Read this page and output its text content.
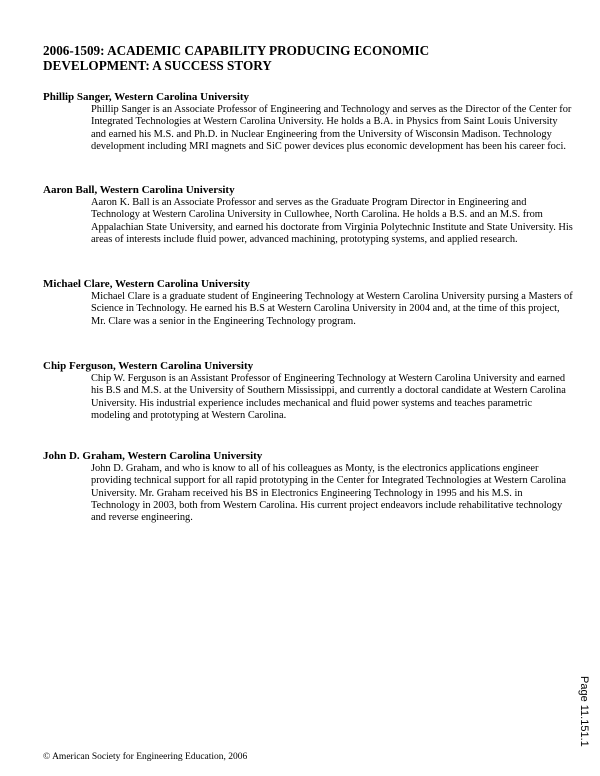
2006-1509: ACADEMIC CAPABILITY PRODUCING ECONOMIC
DEVELOPMENT: A SUCCESS STORY

Phillip Sanger, Western Carolina University

Phillip Sanger is an Associate Professor of Engineering and Technology and serves as the Director of the Center for Integrated Technologies at Western Carolina University. He holds a B.A. in Physics from Saint Louis University and earned his M.S. and Ph.D. in Nuclear Engineering from the University of Wisconsin Madison. Technology development including MRI magnets and SiC power devices plus economic development has been his career foci.

Aaron Ball, Western Carolina University

Aaron K. Ball is an Associate Professor and serves as the Graduate Program Director in Engineering and Technology at Western Carolina University in Cullowhee, North Carolina. He holds a B.S. and an M.S. from Appalachian State University, and earned his doctorate from Virginia Polytechnic Institute and State University. His areas of interests include fluid power, advanced machining, prototyping systems, and applied research.

Michael Clare, Western Carolina University

Michael Clare is a graduate student of Engineering Technology at Western Carolina University pursing a Masters of Science in Technology. He earned his B.S at Western Carolina University in 2004 and, at the time of this project, Mr. Clare was a senior in the Engineering Technology program.

Chip Ferguson, Western Carolina University

Chip W. Ferguson is an Assistant Professor of Engineering Technology at Western Carolina University and earned his B.S and M.S. at the University of Southern Mississippi, and currently a doctoral candidate at Western Carolina University. His industrial experience includes mechanical and fluid power systems and teaches parametric modeling and prototyping at Western Carolina.

John D. Graham, Western Carolina University

John D. Graham, and who is know to all of his colleagues as Monty, is the electronics applications engineer providing technical support for all rapid prototyping in the Center for Integrated Technologies at Western Carolina University. Mr. Graham received his BS in Electronics Engineering Technology in 1995 and his M.S. in Technology in 2003, both from Western Carolina. His current project endeavors include rehabilitative technology and reverse engineering.

Page 11.151.1
© American Society for Engineering Education, 2006
